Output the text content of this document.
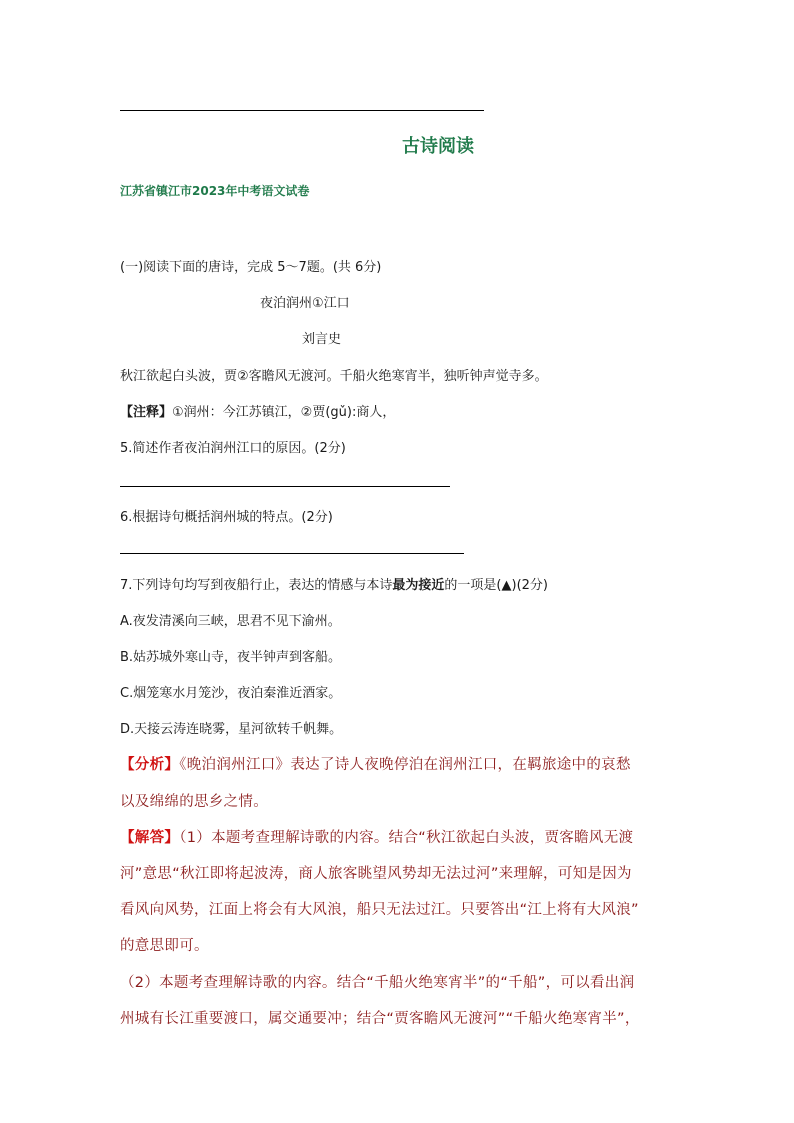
古诗阅读
江苏省镇江市2023年中考语文试卷
(一)阅读下面的唐诗，完成 5～7题。(共 6分)
夜泊润州①江口
刘言史
秋江欲起白头波，贾②客瞻风无渡河。千船火绝寒宵半，独听钟声觉寺多。
【注释】①润州：今江苏镇江，②贾(gǔ):商人，
5.简述作者夜泊润州江口的原因。(2分)
6.根据诗句概括润州城的特点。(2分)
7.下列诗句均写到夜船行止，表达的情感与本诗最为接近的一项是(▲)(2分)
A.夜发清溪向三峡，思君不见下渝州。
B.姑苏城外寒山寺，夜半钟声到客船。
C.烟笼寒水月笼沙，夜泊秦淮近酒家。
D.天接云涛连晓雾，星河欲转千帆舞。
【分析】《晚泊润州江口》表达了诗人夜晚停泊在润州江口，在羁旅途中的哀愁
以及绵绵的思乡之情。
【解答】（1）本题考查理解诗歌的内容。结合“秋江欲起白头波，贾客瞻风无渡
河”意思“秋江即将起波涛，商人旅客眺望风势却无法过河”来理解，可知是因为
看风向风势，江面上将会有大风浪，船只无法过江。只要答出“江上将有大风浪”
的意思即可。
（2）本题考查理解诗歌的内容。结合“千船火绝寒宵半”的“千船”，可以看出润
州城有长江重要渡口，属交通要冲；结合“贾客瞻风无渡河”“千船火绝寒宵半”，
